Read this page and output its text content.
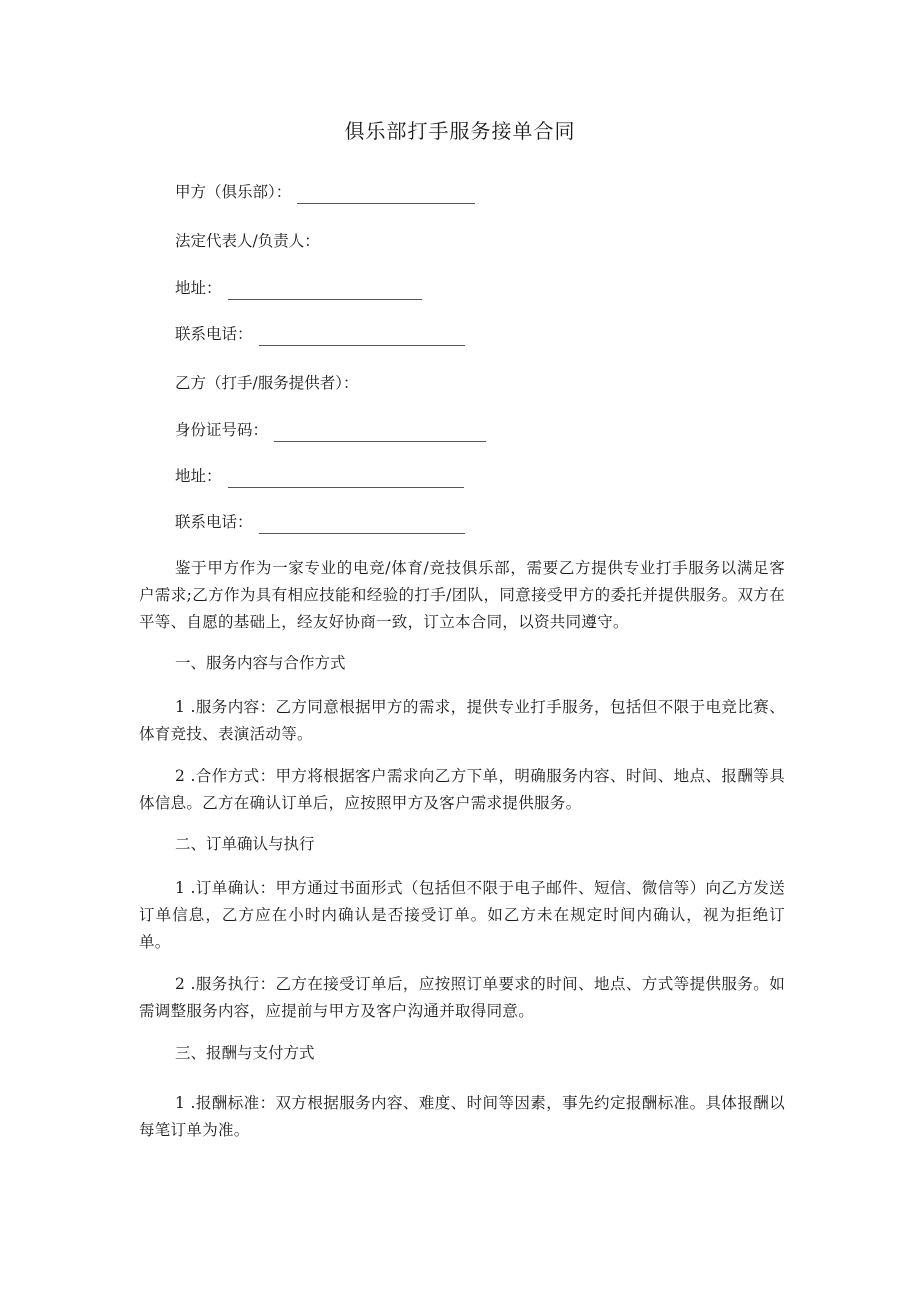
俱乐部打手服务接单合同
甲方（俱乐部）：
法定代表人/负责人：
地址：
联系电话：
乙方（打手/服务提供者）：
身份证号码：
地址：
联系电话：
鉴于甲方作为一家专业的电竞/体育/竞技俱乐部，需要乙方提供专业打手服务以满足客户需求;乙方作为具有相应技能和经验的打手/团队，同意接受甲方的委托并提供服务。双方在平等、自愿的基础上，经友好协商一致，订立本合同，以资共同遵守。
一、服务内容与合作方式
1 .服务内容：乙方同意根据甲方的需求，提供专业打手服务，包括但不限于电竞比赛、体育竞技、表演活动等。
2 .合作方式：甲方将根据客户需求向乙方下单，明确服务内容、时间、地点、报酬等具体信息。乙方在确认订单后，应按照甲方及客户需求提供服务。
二、订单确认与执行
1 .订单确认：甲方通过书面形式（包括但不限于电子邮件、短信、微信等）向乙方发送订单信息，乙方应在小时内确认是否接受订单。如乙方未在规定时间内确认，视为拒绝订单。
2 .服务执行：乙方在接受订单后，应按照订单要求的时间、地点、方式等提供服务。如需调整服务内容，应提前与甲方及客户沟通并取得同意。
三、报酬与支付方式
1 .报酬标准：双方根据服务内容、难度、时间等因素，事先约定报酬标准。具体报酬以每笔订单为准。
